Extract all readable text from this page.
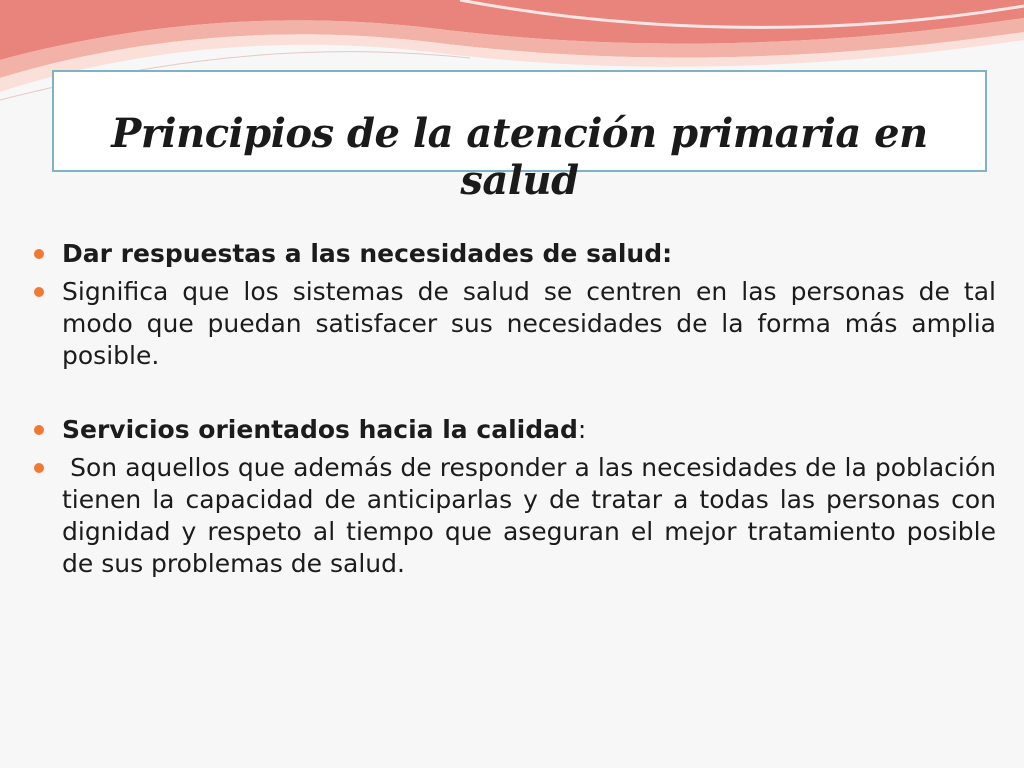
Principios de la atención primaria en salud
Dar respuestas a las necesidades de salud:
Significa que los sistemas de salud se centren en las personas de tal modo que puedan satisfacer sus necesidades de la forma más amplia posible.
Servicios orientados hacia la calidad:
Son aquellos que además de responder a las necesidades de la población tienen la capacidad de anticiparlas y de tratar a todas las personas con dignidad y respeto al tiempo que aseguran el mejor tratamiento posible de sus problemas de salud.
